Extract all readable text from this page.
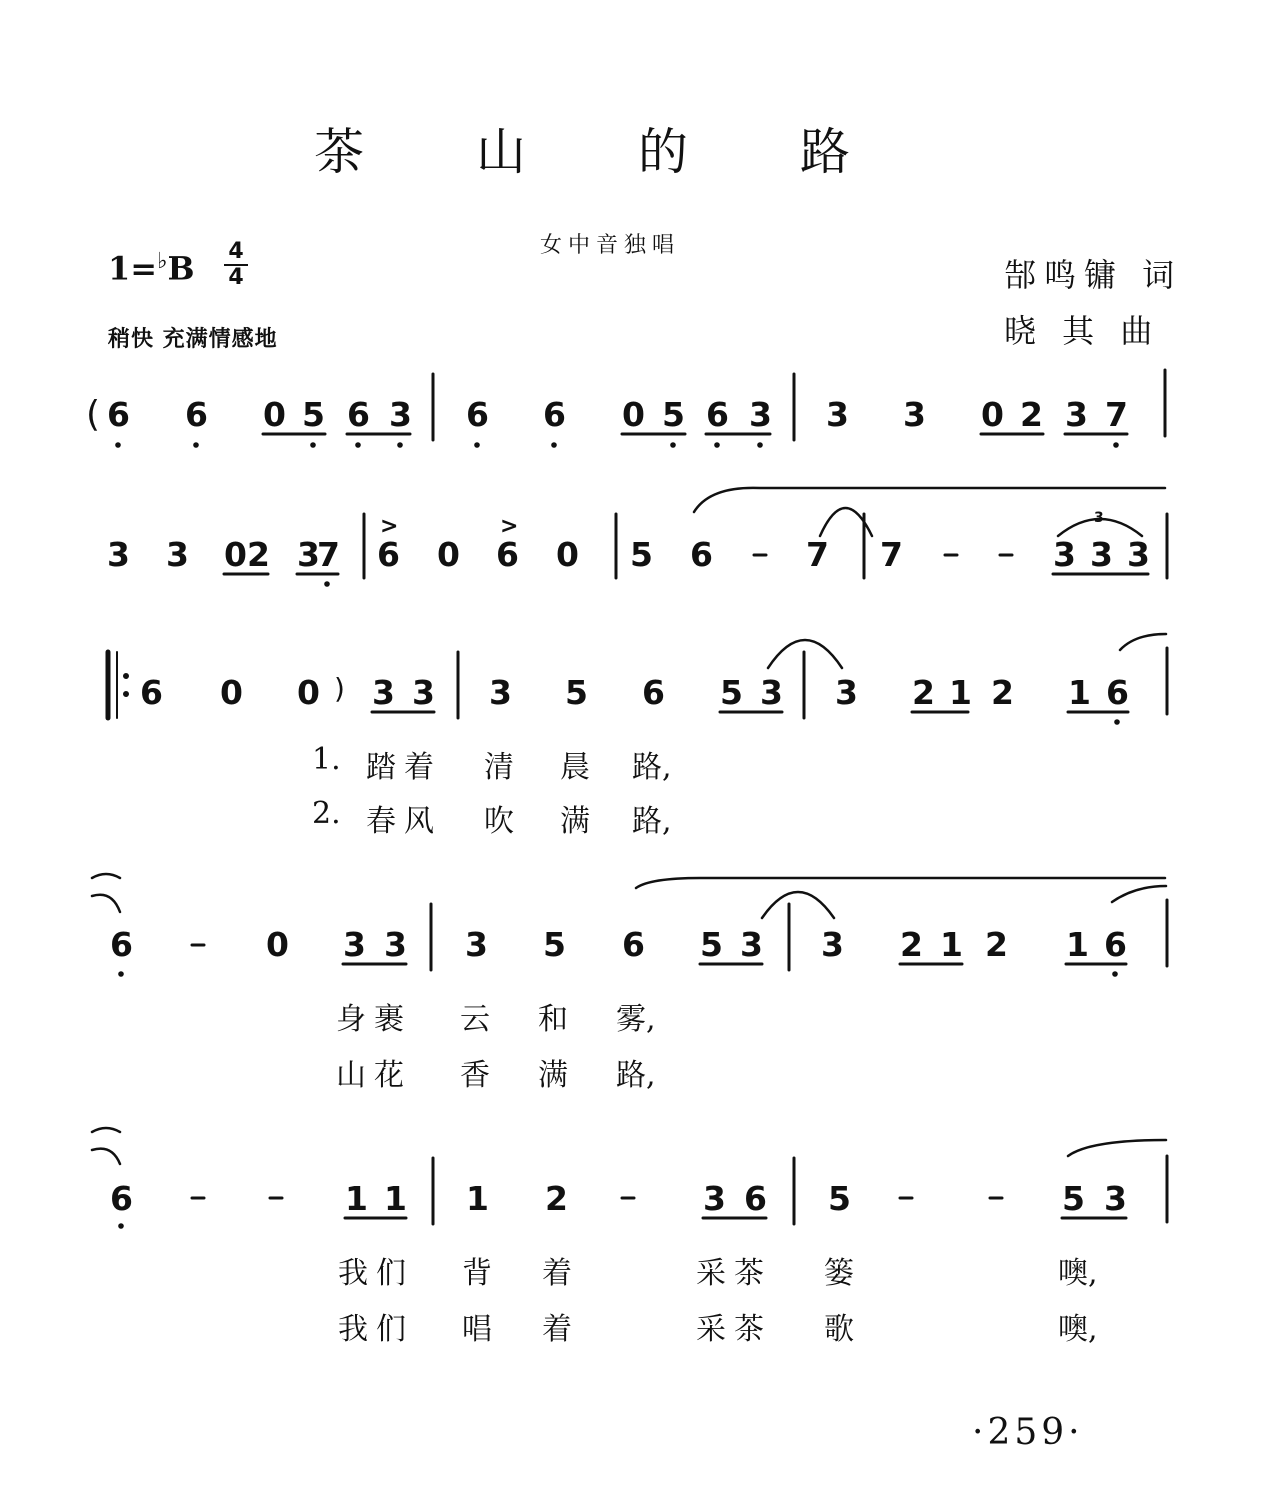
茶 山 的 路
女中音独唱
1=♭B 4
4
稍快 充满情感地
郜鸣镛 词
晓 其 曲
( 6 6 0 5 6 3 6 6 0 5 6 3 3 3 0 2 3 7
3 3 0 2 3
7
>
6 0
>
6 0 5 6	7 7	3 3 3
3
6 0 0 ) 3 3 3 5 6 5 3 3 2 1 2 1 6
6	0 3 3 3 5 6 5 3 3 2 1 2 1 6
6	1 1 1 2	3 6 5	5 3
1. 踏着 清 晨 路,
2. 春风 吹 满 路,
身裹 云 和 雾,
山花 香 满 路,
我们 背 着	采茶 篓	噢,
我们 唱 着	采茶 歌	噢,
·259·
